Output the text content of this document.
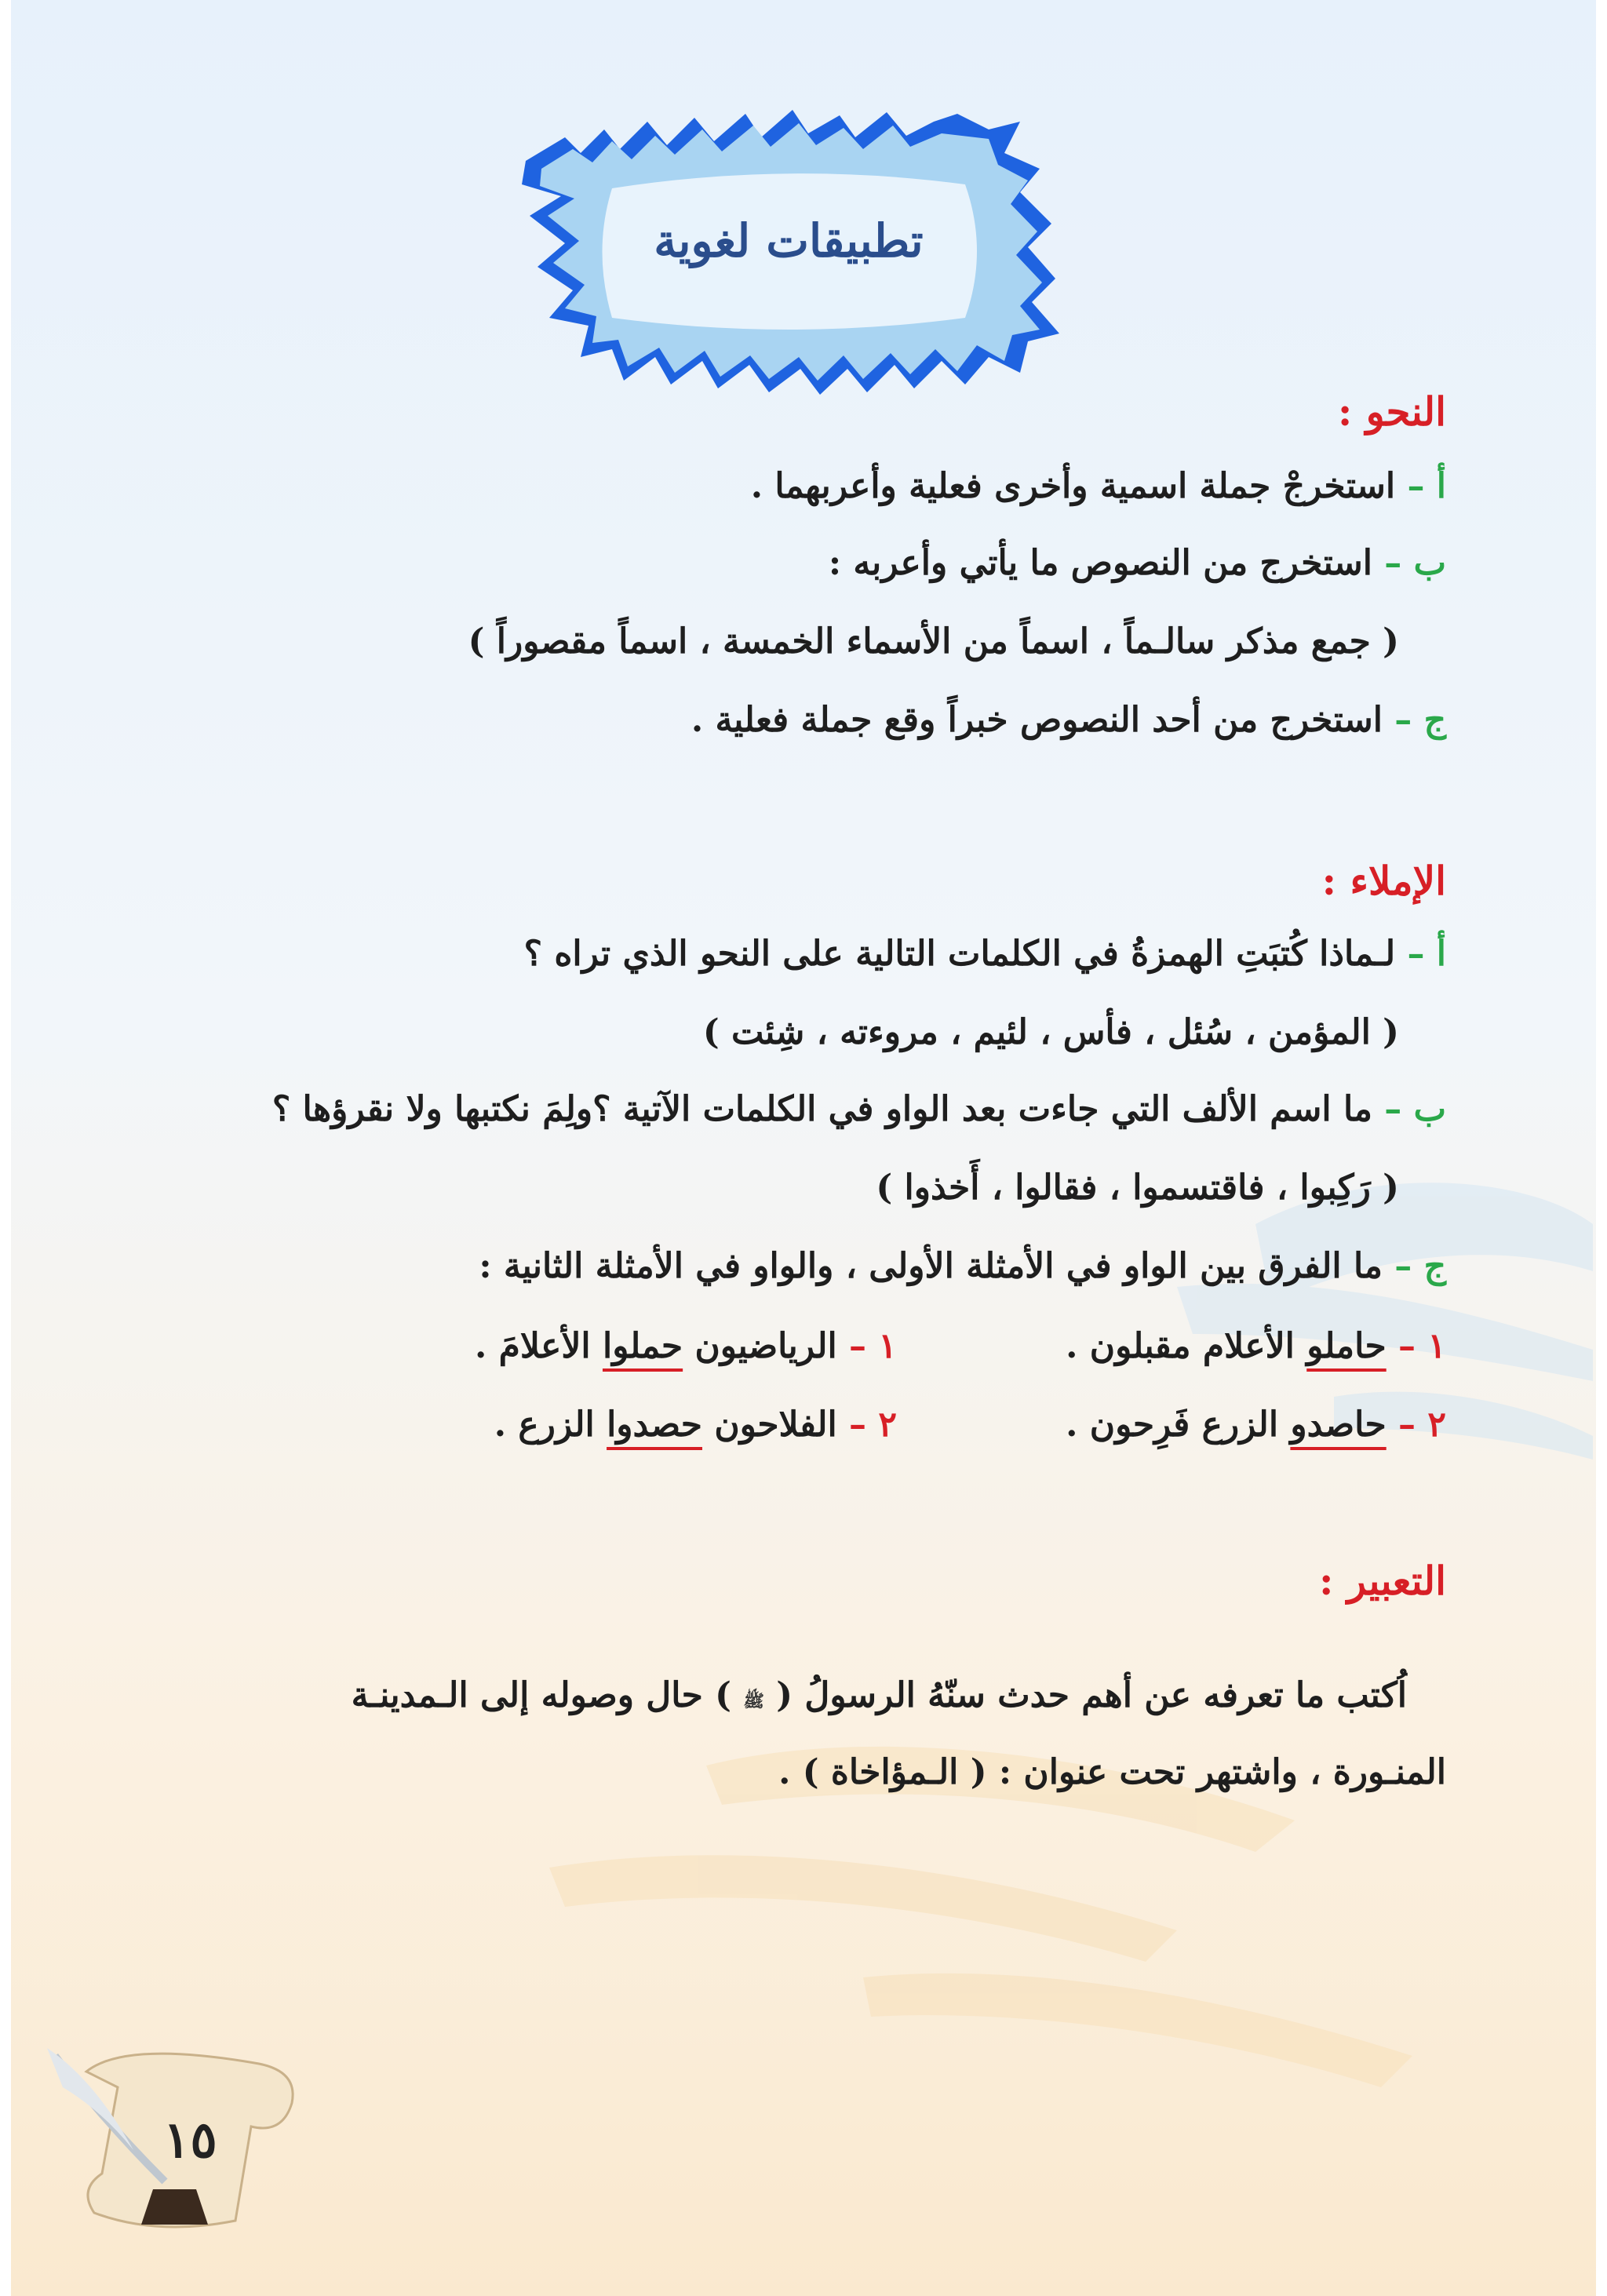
تطبيقات لغوية
النحو :
أ – استخرجْ جملة اسمية وأخرى فعلية وأعربهما .
ب – استخرج من النصوص ما يأتي وأعربه :
( جمع مذكر سالـماً ، اسماً من الأسماء الخمسة ، اسماً مقصوراً )
ج – استخرج من أحد النصوص خبراً وقع جملة فعلية .
الإملاء :
أ – لـماذا كُتبَتِ الهمزةُ في الكلمات التالية على النحو الذي تراه ؟
( المؤمن ، سُئل ، فأس ، لئيم ، مروءته ، شِئت )
ب – ما اسم الألف التي جاءت بعد الواو في الكلمات الآتية ؟ولِمَ نكتبها ولا نقرؤها ؟
( رَكِبوا ، فاقتسموا ، فقالوا ، أَخذوا )
ج – ما الفرق بين الواو في الأمثلة الأولى ، والواو في الأمثلة الثانية :
١ – حاملو الأعلام مقبلون .
٢ – حاصدو الزرع فَرِحون .
١ – الرياضيون حملوا الأعلامَ .
٢ – الفلاحون حصدوا الزرع .
التعبير :
اُكتب ما تعرفه عن أهم حدث سنّهُ الرسولُ ( ﷺ ) حال وصوله إلى الـمدينـة
المنـورة ، واشتهر تحت عنوان : ( الـمؤاخاة ) .
١٥
